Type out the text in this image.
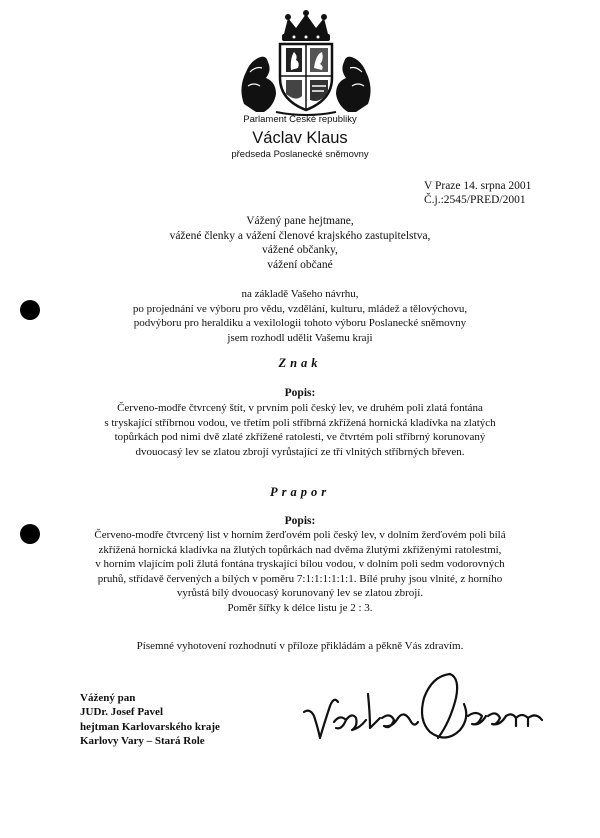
Parlament České republiky
Václav Klaus
předseda Poslanecké sněmovny

V Praze 14. srpna 2001

Č.j.:2545/PRED/2001

Vážený pane hejtmane,

vážené členky a vážení členové krajského zastupitelstva,

vážené občanky,

vážení občané

na základě Vašeho návrhu,

po projednání ve výboru pro vědu, vzdělání, kulturu, mládež a tělovýchovu,

podvýboru pro heraldiku a vexilologii tohoto výboru Poslanecké sněmovny

jsem rozhodl udělit Vašemu kraji

Znak
Popis:

Červeno-modře čtvrcený štít, v prvním poli český lev, ve druhém poli zlatá fontána

s tryskající stříbrnou vodou, ve třetím poli stříbrná zkřížená hornická kladívka na zlatých

topůrkách pod nimi dvě zlaté zkřížené ratolesti, ve čtvrtém poli stříbrný korunovaný

dvouocasý lev se zlatou zbrojí vyrůstající ze tří vlnitých stříbrných břeven.

Prapor
Popis:

Červeno-modře čtvrcený list v horním žerďovém poli český lev, v dolním žerďovém poli bílá

zkřížená hornická kladívka na žlutých topůrkách nad dvěma žlutými zkříženými ratolestmi,

v horním vlajícím poli žlutá fontána tryskající bílou vodou, v dolním poli sedm vodorovných

pruhů, střídavě červených a bílých v poměru 7:1:1:1:1:1:1. Bílé pruhy jsou vlnité, z horního

vyrůstá bílý dvouocasý korunovaný lev se zlatou zbrojí.

Poměr šířky k délce listu je 2 : 3.

Písemné vyhotovení rozhodnutí v příloze přikládám a pěkně Vás zdravím.

Vážený pan

JUDr. Josef Pavel

hejtman Karlovarského kraje

Karlovy Vary – Stará Role
